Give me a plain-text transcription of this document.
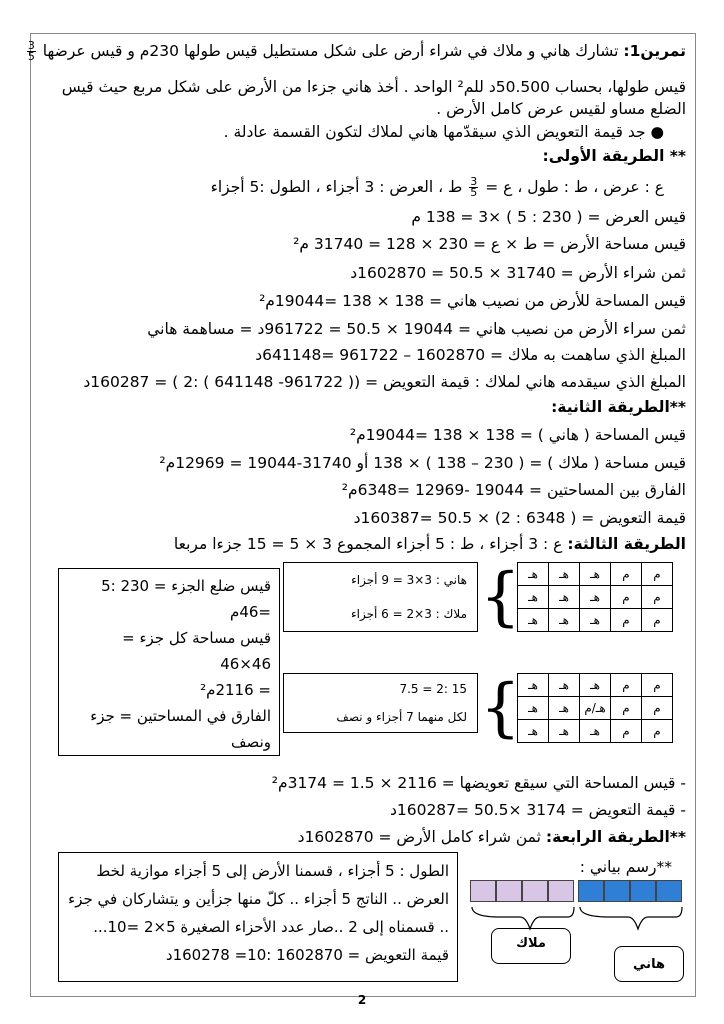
تمرين1: تشارك هاني و ملاك في شراء أرض على شكل مستطيل قيس طولها 230م و قيس عرضها
$\frac{3}{5}$
قيس طولها، بحساب 50.500د للم² الواحد . أخذ هاني جزءا من الأرض على شكل مربع حيث قيس
الضلع مساو لقيس عرض كامل الأرض .
● جد قيمة التعويض الذي سيقدّمها هاني لملاك لتكون القسمة عادلة .
** الطريقة الأولى:
ع : عرض ، ط : طول ، ع =
$\frac{3}{5}$
ط ، العرض : 3 أجزاء ، الطول :5 أجزاء
قيس العرض = ( 230 : 5 ) ×3 = 138 م
قيس مساحة الأرض = ط × ع = 230 × 128 = 31740 م²
ثمن شراء الأرض = 31740 × 50.5 = 1602870د
قيس المساحة للأرض من نصيب هاني = 138 × 138 =19044م²
ثمن سراء الأرض من نصيب هاني = 19044 × 50.5 = 961722د = مساهمة هاني
المبلغ الذي ساهمت به ملاك = 1602870 – 961722 =641148د
المبلغ الذي سيقدمه هاني لملاك : قيمة التعويض = (( 961722- 641148 ) :2 ) = 160287د
**الطريقة الثانية:
قيس المساحة ( هاني ) = 138 × 138 =19044م²
قيس مساحة ( ملاك ) = ( 230 – 138 ) × 138 أو 31740-19044 = 12969م²
الفارق بين المساحتين = 19044 -12969 =6348م²
قيمة التعويض = ( 6348 : 2) × 50.5 =160387د
الطريقة الثالثة: ع : 3 أجزاء ، ط : 5 أجزاء المجموع 3 × 5 = 15 جزءا مربعا
هـ	هـ	هـ	م	م
هـ	هـ	هـ	م	م
هـ	هـ	هـ	م	م
هـ	هـ	هـ	م	م
هـ	هـ	هـ/م	م	م
هـ	هـ	هـ	م	م
{
{
هاني : 3×3 = 9 أجزاء
ملاك : 3×2 = 6 أجزاء
15 :2 = 7.5
لكل منهما 7 أجزاء و نصف
قيس ضلع الجزء = 230 :5
=46م
قيس مساحة كل جزء = 46×46
= 2116م²
الفارق في المساحتين = جزء
ونصف
- قيس المساحة التي سيقع تعويضها = 2116 × 1.5 = 3174م²
- قيمة التعويض = 3174 ×50.5 =160287د
**الطريقة الرابعة: ثمن شراء كامل الأرض = 1602870د
الطول : 5 أجزاء ، قسمنا الأرض إلى 5 أجزاء موازية لخط العرض .. الناتج 5 أجزاء .. كلّ منها جزأين و يتشاركان في جزء .. قسمناه إلى 2 ..صار عدد الأحزاء الصغيرة 5×2 =10... قيمة التعويض = 1602870 :10= 160278د
**رسم بياني :
ملاك
هاني
2
